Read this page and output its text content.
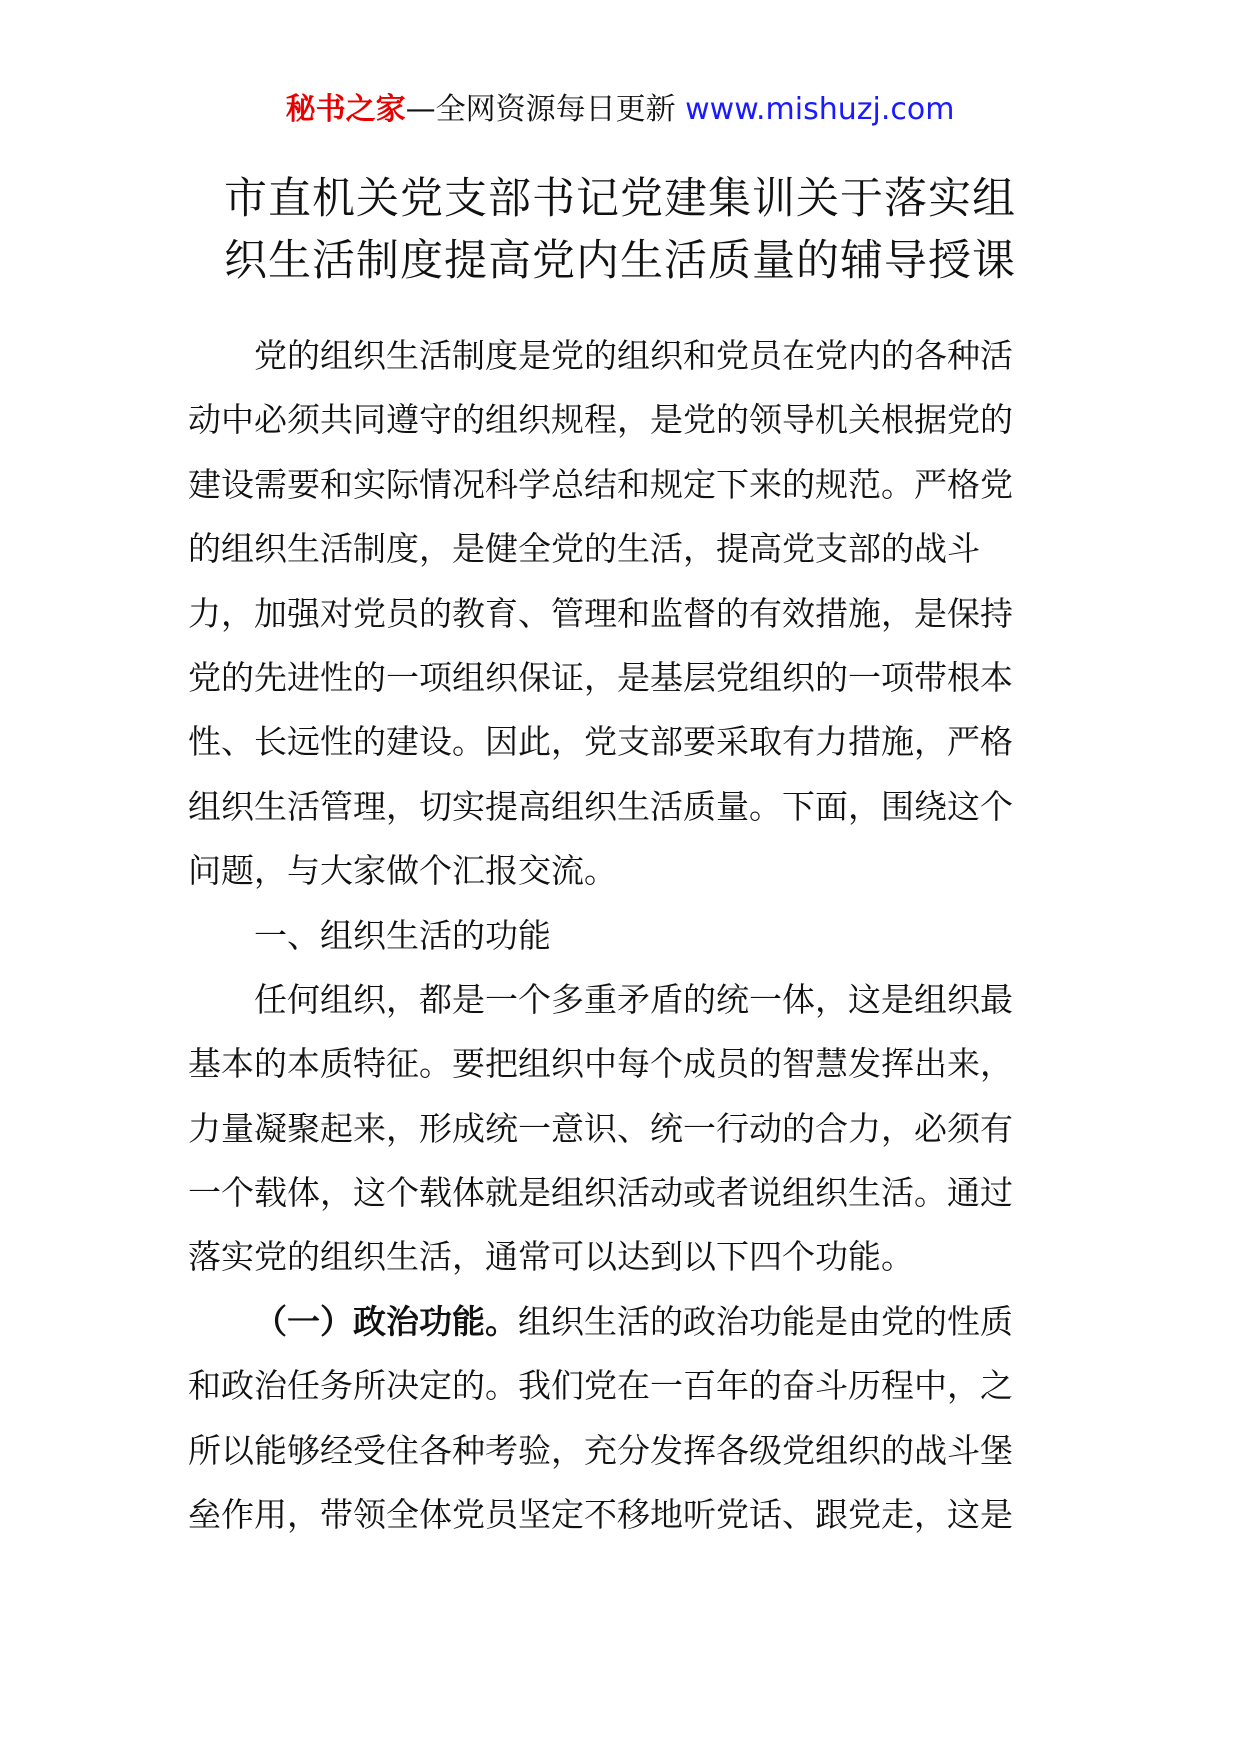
秘书之家—全网资源每日更新 www.mishuzj.com
市直机关党支部书记党建集训关于落实组
织生活制度提高党内生活质量的辅导授课
党的组织生活制度是党的组织和党员在党内的各种活
动中必须共同遵守的组织规程，是党的领导机关根据党的
建设需要和实际情况科学总结和规定下来的规范。严格党
的组织生活制度，是健全党的生活，提高党支部的战斗
力，加强对党员的教育、管理和监督的有效措施，是保持
党的先进性的一项组织保证，是基层党组织的一项带根本
性、长远性的建设。因此，党支部要采取有力措施，严格
组织生活管理，切实提高组织生活质量。下面，围绕这个
问题，与大家做个汇报交流。
一、组织生活的功能
任何组织，都是一个多重矛盾的统一体，这是组织最
基本的本质特征。要把组织中每个成员的智慧发挥出来，
力量凝聚起来，形成统一意识、统一行动的合力，必须有
一个载体，这个载体就是组织活动或者说组织生活。通过
落实党的组织生活，通常可以达到以下四个功能。
（一）政治功能。组织生活的政治功能是由党的性质
和政治任务所决定的。我们党在一百年的奋斗历程中，之
所以能够经受住各种考验，充分发挥各级党组织的战斗堡
垒作用，带领全体党员坚定不移地听党话、跟党走，这是
